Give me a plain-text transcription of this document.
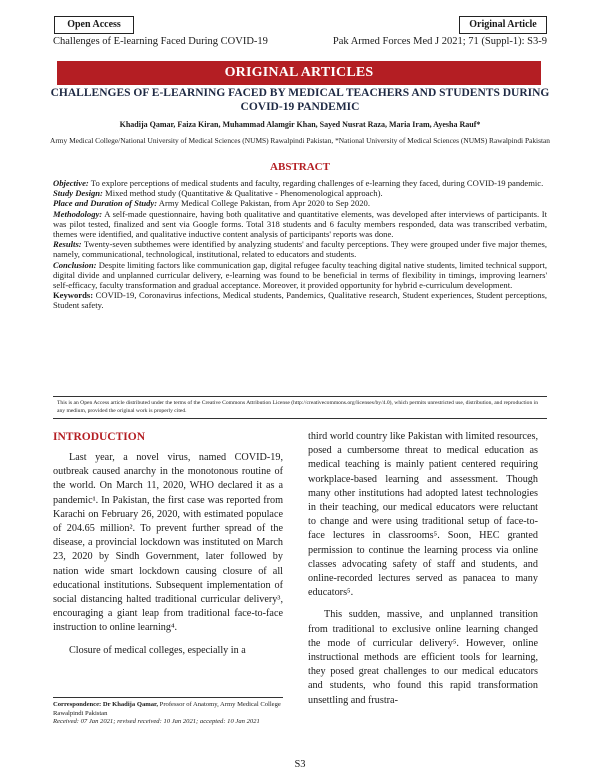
Open Access	Original Article
Challenges of E-learning Faced During COVID-19	Pak Armed Forces Med J 2021; 71 (Suppl-1): S3-9
ORIGINAL ARTICLES
CHALLENGES OF E-LEARNING FACED BY MEDICAL TEACHERS AND STUDENTS DURING COVID-19 PANDEMIC
Khadija Qamar, Faiza Kiran, Muhammad Alamgir Khan, Sayed Nusrat Raza, Maria Iram, Ayesha Rauf*
Army Medical College/National University of Medical Sciences (NUMS) Rawalpindi Pakistan, *National University of Medical Sciences (NUMS) Rawalpindi Pakistan
ABSTRACT

Objective: To explore perceptions of medical students and faculty, regarding challenges of e-learning they faced, during COVID-19 pandemic.

Study Design: Mixed method study (Quantitative & Qualitative - Phenomenological approach).

Place and Duration of Study: Army Medical College Pakistan, from Apr 2020 to Sep 2020.

Methodology: A self-made questionnaire, having both qualitative and quantitative elements, was developed after interviews of participants. It was pilot tested, finalized and sent via Google forms. Total 318 students and 6 faculty members responded, data was transcribed verbatim, themes were identified, and qualitative inductive content analysis of participants' reports was done.

Results: Twenty-seven subthemes were identified by analyzing students' and faculty perceptions. They were grouped under five major themes, namely, communicational, technological, institutional, related to educators and students.

Conclusion: Despite limiting factors like communication gap, digital refugee faculty teaching digital native students, limited technical support, digital divide and unplanned curricular delivery, e-learning was found to be beneficial in terms of flexibility in timings, improving learners' self-efficacy, faculty transformation and gradual acceptance. Moreover, it provided opportunity for hybrid e-curriculum development.

Keywords: COVID-19, Coronavirus infections, Medical students, Pandemics, Qualitative research, Student experiences, Student perceptions, Student safety.

This is an Open Access article distributed under the terms of the Creative Commons Attribution License (http://creativecommons.org/licenses/by/4.0), which permits unrestricted use, distribution, and reproduction in any medium, provided the original work is properly cited.
INTRODUCTION

Last year, a novel virus, named COVID-19, outbreak caused anarchy in the monotonous routine of the world. On March 11, 2020, WHO declared it as a pandemic¹. In Pakistan, the first case was reported from Karachi on February 26, 2020, with estimated populace of 204.65 million². To prevent further spread of the disease, a provincial lockdown was instituted on March 23, 2020 by Sindh Government, later followed by nation wide smart lockdown causing closure of all educational institutions. Subsequent implementation of social distancing halted traditional curricular delivery³, encouraging a giant leap from traditional face-to-face instruction to online learning⁴.

Closure of medical colleges, especially in a

third world country like Pakistan with limited resources, posed a cumbersome threat to medical education as medical teaching is mainly patient centered requiring workplace-based learning and assessment. Though many other institutions had adopted latest technologies in their teaching, our medical educators were reluctant to change and were using traditional setup of face-to-face lectures in classrooms⁵. Soon, HEC granted permission to continue the learning process via online classes advocating safety of staff and students, and online-recorded lectures served as panacea to many educators⁵.

This sudden, massive, and unplanned transition from traditional to exclusive online learning changed the mode of curricular delivery⁵. However, online instructional methods are efficient tools for learning, they posed great challenges to our medical educators and students, who found this rapid transformation unsettling and frustra-

Correspondence: Dr Khadija Qamar, Professor of Anatomy, Army Medical College Rawalpindi Pakistan
Received: 07 Jan 2021; revised received: 10 Jan 2021; accepted: 10 Jan 2021
S3
